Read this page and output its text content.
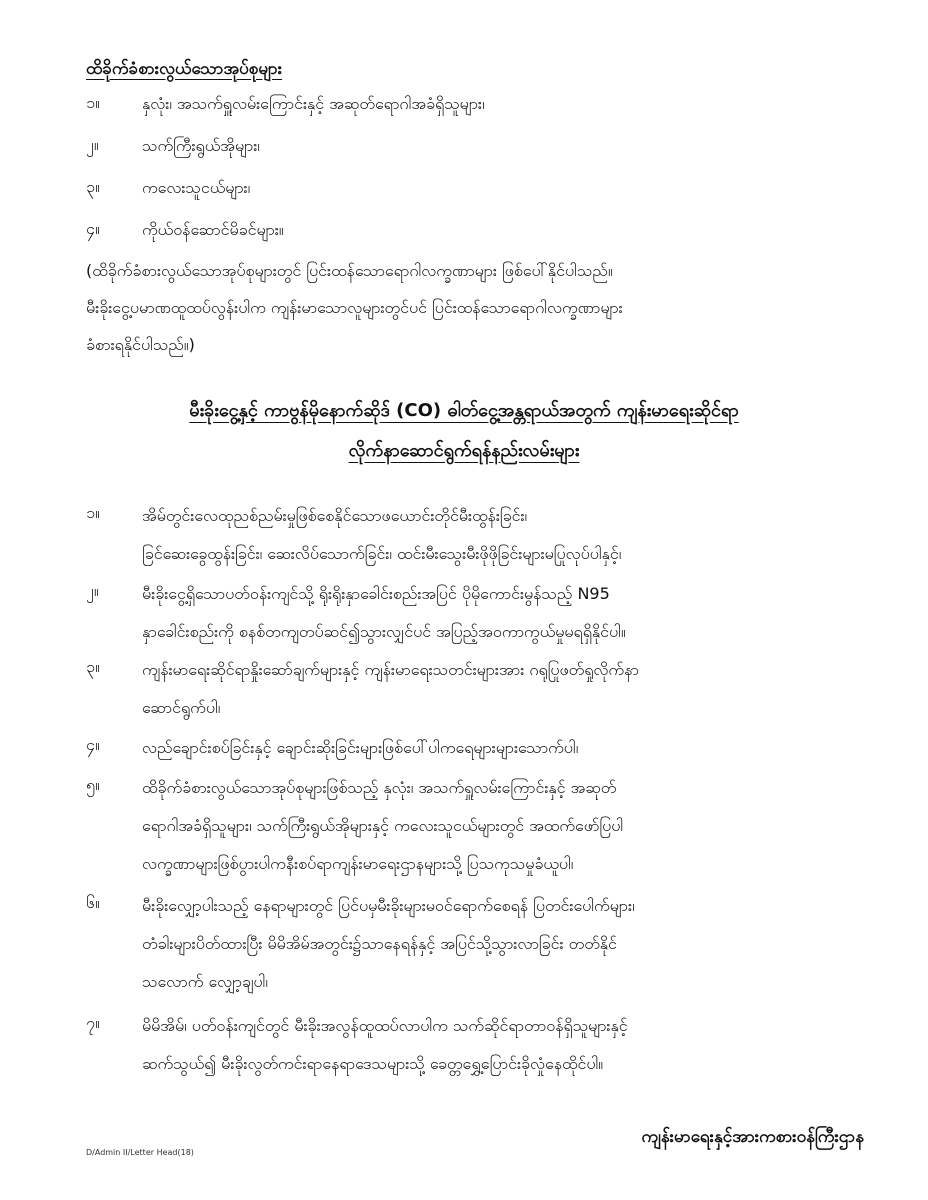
ထိခိုက်ခံစားလွယ်သောအုပ်စုများ
၁။	နှလုံး၊ အသက်ရှူလမ်းကြောင်းနှင့် အဆုတ်ရောဂါအခံရှိသူများ၊
၂။	သက်ကြီးရွယ်အိုများ၊
၃။	ကလေးသူငယ်များ၊
၄။	ကိုယ်ဝန်ဆောင်မိခင်များ။
(ထိခိုက်ခံစားလွယ်သောအုပ်စုများတွင် ပြင်းထန်သောရောဂါလက္ခဏာများ ဖြစ်ပေါ်နိုင်ပါသည်။
မီးခိုးငွေ့ပမာဏထူထပ်လွန်းပါက ကျန်းမာသောလူများတွင်ပင် ပြင်းထန်သောရောဂါလက္ခဏာများ
ခံစားရနိုင်ပါသည်။)
မီးခိုးငွေ့နှင့် ကာဗွန်မိုနောက်ဆိုဒ် (CO) ဓါတ်ငွေ့အန္တရာယ်အတွက် ကျန်းမာရေးဆိုင်ရာ
လိုက်နာဆောင်ရွက်ရန်နည်းလမ်းများ
၁။	အိမ်တွင်းလေထုညစ်ညမ်းမှုဖြစ်စေနိုင်သောဖယောင်းတိုင်မီးထွန်းခြင်း၊
ခြင်ဆေးခွေထွန်းခြင်း၊ ဆေးလိပ်သောက်ခြင်း၊ ထင်းမီးသွေးမီးဖိုဖိုခြင်းများမပြုလုပ်ပါနှင့်၊
၂။	မီးခိုးငွေ့ရှိသောပတ်ဝန်းကျင်သို့ ရိုးရိုးနှာခေါင်းစည်းအပြင် ပိုမိုကောင်းမွန်သည့် N95
နှာခေါင်းစည်းကို စနစ်တကျတပ်ဆင်၍သွားလျှင်ပင် အပြည့်အဝကာကွယ်မှုမရရှိနိုင်ပါ။
၃။	ကျန်းမာရေးဆိုင်ရာနှိုးဆော်ချက်များနှင့် ကျန်းမာရေးသတင်းများအား ဂရုပြုဖတ်ရှုလိုက်နာ
ဆောင်ရွက်ပါ၊
၄။	လည်ချောင်းစပ်ခြင်းနှင့် ချောင်းဆိုးခြင်းများဖြစ်ပေါ်ပါကရေများများသောက်ပါ၊
၅။	ထိခိုက်ခံစားလွယ်သောအုပ်စုများဖြစ်သည့် နှလုံး၊ အသက်ရှူလမ်းကြောင်းနှင့် အဆုတ်
ရောဂါအခံရှိသူများ၊ သက်ကြီးရွယ်အိုများနှင့် ကလေးသူငယ်များတွင် အထက်ဖော်ပြပါ
လက္ခဏာများဖြစ်ပွားပါကနီးစပ်ရာကျန်းမာရေးဌာနများသို့ ပြသကုသမှုခံယူပါ၊
၆။	မီးခိုးလျှော့ပါးသည့် နေရာများတွင် ပြင်ပမှမီးခိုးများမဝင်ရောက်စေရန် ပြတင်းပေါက်များ၊
တံခါးများပိတ်ထားပြီး မိမိအိမ်အတွင်း၌သာနေရန်နှင့် အပြင်သို့သွားလာခြင်း တတ်နိုင်
သလောက် လျှော့ချပါ၊
၇။	မိမိအိမ်၊ ပတ်ဝန်းကျင်တွင် မီးခိုးအလွန်ထူထပ်လာပါက သက်ဆိုင်ရာတာဝန်ရှိသူများနှင့်
ဆက်သွယ်၍ မီးခိုးလွတ်ကင်းရာနေရာဒေသများသို့ ခေတ္တရွှေ့ပြောင်းခိုလှုံနေထိုင်ပါ။
ကျန်းမာရေးနှင့်အားကစားဝန်ကြီးဌာန
D/Admin II/Letter Head(18)
